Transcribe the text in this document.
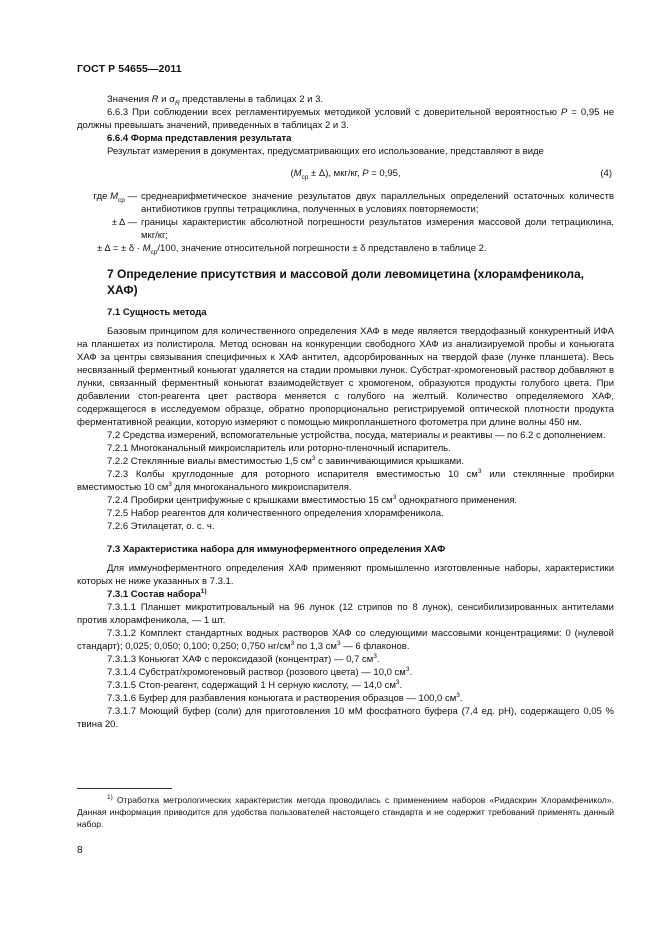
ГОСТ Р 54655—2011

Значения R и $\sigma_R$ представлены в таблицах 2 и 3.

6.6.3 При соблюдении всех регламентируемых методикой условий с доверительной вероятностью P = 0,95 не должны превышать значений, приведенных в таблицах 2 и 3.

6.6.4 Форма представления результата

Результат измерения в документах, предусматривающих его использование, представляют в виде

$(M_{ср} \pm \Delta)$, мкг/кг, P = 0,95,	(4)
где $M_{ср}$ — среднеарифметическое значение результатов двух параллельных определений остаточных количеств антибиотиков группы тетрациклина, полученных в условиях повторяемости;
± Δ — границы характеристик абсолютной погрешности результатов измерения массовой доли тетрациклина, мкг/кг;

± Δ = ± $\delta \cdot M_{ср}/100$, значение относительной погрешности ± δ представлено в таблице 2.

7 Определение присутствия и массовой доли левомицетина (хлорамфеникола, ХАФ)

7.1 Сущность метода

Базовым принципом для количественного определения ХАФ в меде является твердофазный конкурентный ИФА на планшетах из полистирола. Метод основан на конкуренции свободного ХАФ из анализируемой пробы и коньюгата ХАФ за центры связывания специфичных к ХАФ антител, адсорбированных на твердой фазе (лунке планшета). Весь несвязанный ферментный коньюгат удаляется на стадии промывки лунок. Субстрат-хромогеновый раствор добавляют в лунки, связанный ферментный коньюгат взаимодействует с хромогеном, образуются продукты голубого цвета. При добавлении стоп-реагента цвет раствора меняется с голубого на желтый. Количество определяемого ХАФ, содержащегося в исследуемом образце, обратно пропорционально регистрируемой оптической плотности продукта ферментативной реакции, которую измеряют с помощью микропланшетного фотометра при длине волны 450 нм.

7.2 Средства измерений, вспомогательные устройства, посуда, материалы и реактивы — по 6.2 с дополнением.

7.2.1 Многоканальный микроиспаритель или роторно-пленочный испаритель.

7.2.2 Стеклянные виалы вместимостью 1,5 $см^3$ с завинчивающимися крышками.

7.2.3 Колбы круглодонные для роторного испарителя вместимостью 10 $см^3$ или стеклянные пробирки вместимостью 10 $см^3$ для многоканального микроиспарителя.

7.2.4 Пробирки центрифужные с крышками вместимостью 15 $см^3$ однократного применения.

7.2.5 Набор реагентов для количественного определения хлорамфеникола.

7.2.6 Этилацетат, о. с. ч.

7.3 Характеристика набора для иммуноферментного определения ХАФ

Для иммуноферментного определения ХАФ применяют промышленно изготовленные наборы, характеристики которых не ниже указанных в 7.3.1.

7.3.1 Состав набора$^{1)}$

7.3.1.1 Планшет микротитровальный на 96 лунок (12 стрипов по 8 лунок), сенсибилизированных антителами против хлорамфеникола, — 1 шт.

7.3.1.2 Комплект стандартных водных растворов ХАФ со следующими массовыми концентрациями: 0 (нулевой стандарт); 0,025; 0,050; 0,100; 0,250; 0,750 $нг/см^3$ по 1,3 $см^3$ — 6 флаконов.

7.3.1.3 Коньюгат ХАФ с пероксидазой (концентрат) — 0,7 $см^3$.

7.3.1.4 Субстрат/хромогеновый раствор (розового цвета) — 10,0 $см^3$.

7.3.1.5 Стоп-реагент, содержащий 1 Н серную кислоту, — 14,0 $см^3$.

7.3.1.6 Буфер для разбавления коньюгата и растворения образцов — 100,0 $см^3$.

7.3.1.7 Моющий буфер (соли) для приготовления 10 мМ фосфатного буфера (7,4 ед. pH), содержащего 0,05 % твина 20.

$^{1)}$ Отработка метрологических характеристик метода проводилась с применением наборов «Ридаскрин Хлорамфеникол». Данная информация приводится для удобства пользователей настоящего стандарта и не содержит требований применять данный набор.

8
